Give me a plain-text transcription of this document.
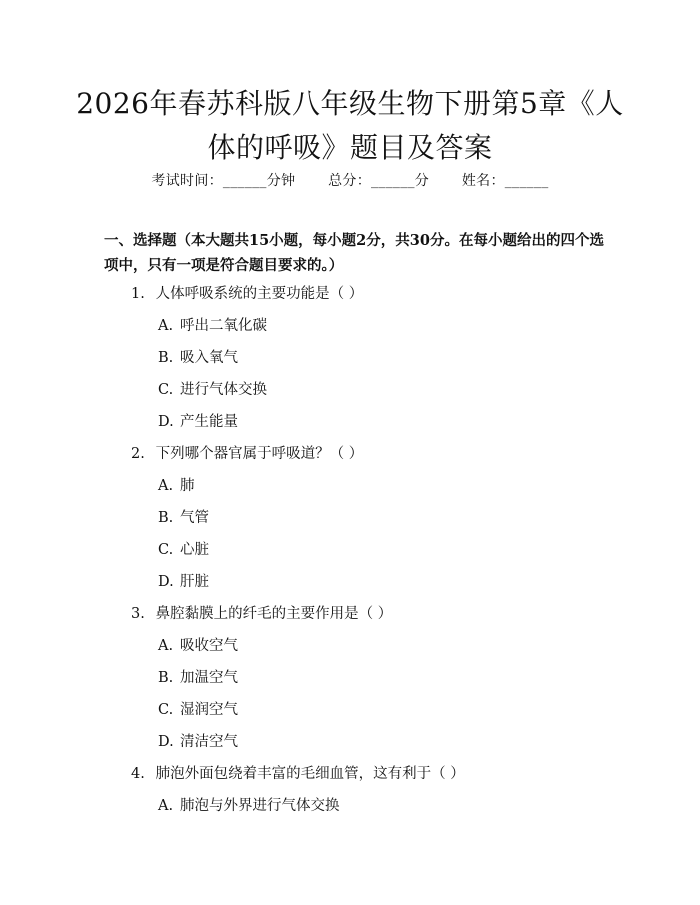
2026年春苏科版八年级生物下册第5章《人
体的呼吸》题目及答案
考试时间：______分钟 总分：______分 姓名：______
一、选择题（本大题共15小题，每小题2分，共30分。在每小题给出的四个选项中，只有一项是符合题目要求的。）
1. 人体呼吸系统的主要功能是（ ）
A. 呼出二氧化碳
B. 吸入氧气
C. 进行气体交换
D. 产生能量
2. 下列哪个器官属于呼吸道？（ ）
A. 肺
B. 气管
C. 心脏
D. 肝脏
3. 鼻腔黏膜上的纤毛的主要作用是（ ）
A. 吸收空气
B. 加温空气
C. 湿润空气
D. 清洁空气
4. 肺泡外面包绕着丰富的毛细血管，这有利于（ ）
A. 肺泡与外界进行气体交换
